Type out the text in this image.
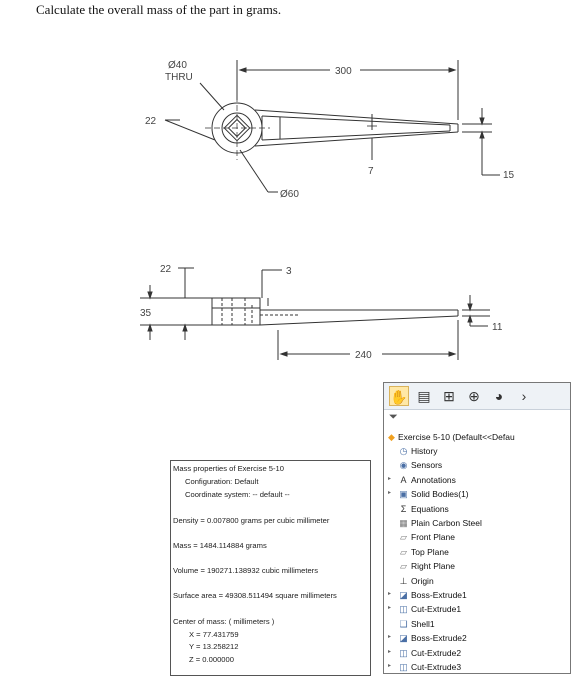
Calculate the overall mass of the part in grams.
Ø40
THRU
300
22
7	15
Ø60
22	3
35
11
240
Mass properties of Exercise 5-10
Configuration: Default
Coordinate system: -- default --
Density = 0.007800 grams per cubic millimeter
Mass = 1484.114884 grams
Volume = 190271.138932 cubic millimeters
Surface area = 49308.511494 square millimeters
Center of mass: ( millimeters )
X = 77.431759
Y = 13.258212
Z = 0.000000
✋ ▤ ⊞ ⊕	◕	›
⏷
◆ Exercise 5-10 (Default<<Defau
◷ History
◉ Sensors
▸ A Annotations
▸ ▣ Solid Bodies(1)
Σ Equations
▦ Plain Carbon Steel
▱ Front Plane
▱ Top Plane
▱ Right Plane
⊥ Origin
▸ ◪ Boss-Extrude1
▸ ◫ Cut-Extrude1
❑ Shell1
▸ ◪ Boss-Extrude2
▸ ◫ Cut-Extrude2
▸ ◫ Cut-Extrude3
